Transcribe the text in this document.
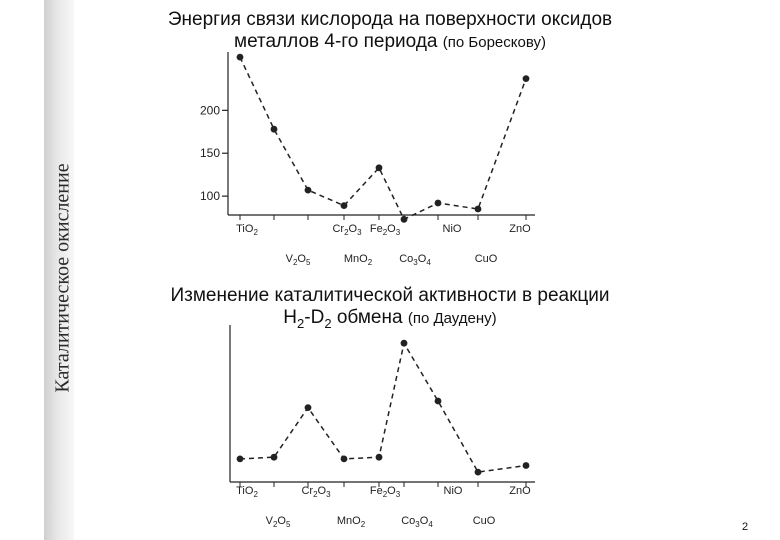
Каталитическое окисление
Энергия связи кислорода на поверхности оксидов
металлов 4-го периода (по Борескову)
Изменение каталитической активности в реакции
$H_2-D_2$ обмена (по Даудену)
100
150
200
TiO$_2$
$V_2O_5$
$Cr_2O_3$
MnO$_2$
$Fe_2O_3$
$Co_3O_4$
NiO
CuO
ZnO
TiO$_2$
$V_2O_5$
$Cr_2O_3$
MnO$_2$
$Fe_2O_3$
$Co_3O_4$
NiO
CuO
ZnO
2
